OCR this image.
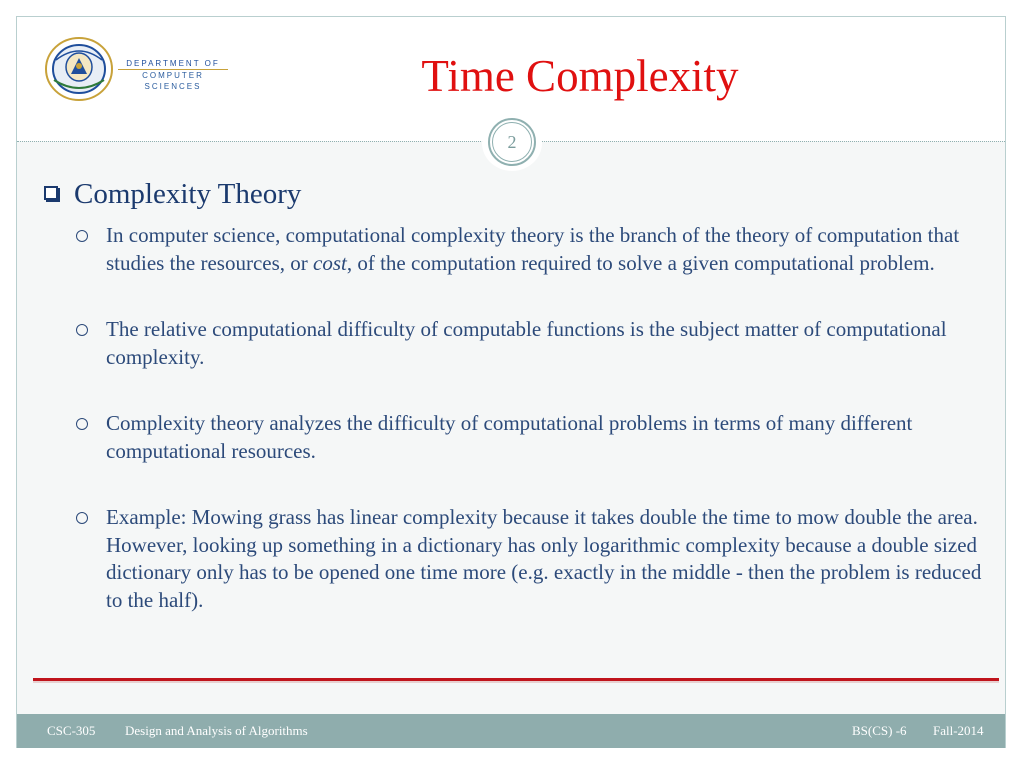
DEPARTMENT OF
COMPUTER
SCIENCES	Time Complexity
2
Complexity Theory
In computer science, computational complexity theory is the branch of the theory of computation that studies the resources, or cost, of the computation required to solve a given computational problem.
The relative computational difficulty of computable functions is the subject matter of computational complexity.
Complexity theory analyzes the difficulty of computational problems in terms of many different computational resources.
Example: Mowing grass has linear complexity because it takes double the time to mow double the area. However, looking up something in a dictionary has only logarithmic complexity because a double sized dictionary only has to be opened one time more (e.g. exactly in the middle - then the problem is reduced to the half).
CSC-305 Design and Analysis of Algorithms	BS(CS) -6 Fall-2014
